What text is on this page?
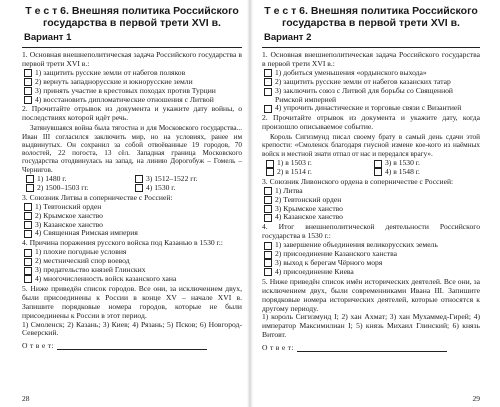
Т е с т 6. Внешняя политика Российского государства в первой трети XVI в.
Вариант 1
1. Основная внешнеполитическая задача Российского государства в первой трети XVI в.:
1) защитить русские земли от набегов поляков
2) вернуть западнорусские и юкнорусские земли
3) принять участие в крестовых походах против Турции
4) восстановить дипломатические отношения с Литвой
2. Прочитайте отрывок из документа и укажите дату войны, о последствиях которой идёт речь.
Затянувшаяся война была тягостна и для Московского государства... Иван III согласился заключить мир, но на условиях, ранее им выдвинутых. Он сохранил за собой отвоёванные 19 городов, 70 волостей, 22 погоста, 13 сёл. Западная граница Московского государства отодвинулась на запад, на линию Дорогобуж – Гомель – Чернигов.
1) 1480 г.	3) 1512–1522 гг.
2) 1500–1503 гг.	4) 1530 г.
3. Союзник Литвы в соперничестве с Россией:
1) Тевтонский орден
2) Крымское ханство
3) Казанское ханство
4) Священная Римская империя
4. Причина поражения русского войска под Казанью в 1530 г.:
1) плохие погодные условия
2) местнический спор воевод
3) предательство князей Глинских
4) многочисленность войск казанского хана
5. Ниже приведён список городов. Все они, за исключением двух, были присоединены к России в конце XV – начале XVI в. Запишите порядковые номера городов, которые не были присоединены к России в этот период.
1) Смоленск; 2) Казань; 3) Киев; 4) Рязань; 5) Псков; 6) Новгород-Северский.
О т в е т:
28
Т е с т 6. Внешняя политика Российского государства в первой трети XVI в.
Вариант 2
1. Основная внешнеполитическая задача Российского государства в первой трети XVI в.:
1) добиться уменьшения «ордынского выхода»
2) защитить русские земли от набегов казанских татар
3) заключить союз с Литвой для борьбы со Священной Римской империей
4) упрочить династические и торговые связи с Византией
2. Прочитайте отрывок из документа и укажите дату, когда произошло описываемое событие.
Король Сигизмунд писал своему брату в самый день сдачи этой крепости: «Смоленск благодаря гнусной измене кое-кого из наёмных войск и местной знати отпал от нас и передался врагу».
1) в 1503 г.	3) в 1530 г.
2) в 1514 г.	4) в 1548 г.
3. Союзник Ливонского ордена в соперничестве с Россией:
1) Литва
2) Тевтонский орден
3) Крымское ханство
4) Казанское ханство
4. Итог внешнеполитической деятельности Российского государства в 1530 г.:
1) завершение объединения великорусских земель
2) присоединение Казанского ханства
3) выход к берегам Чёрного моря
4) присоединение Киева
5. Ниже приведён список имён исторических деятелей. Все они, за исключением двух, были современниками Ивана III. Запишите порядковые номера исторических деятелей, которые относятся к другому периоду.
1) король Сигизмунд I; 2) хан Ахмат; 3) хан Мухаммед-Гирей; 4) император Максимилиан I; 5) князь Михаил Глинский; 6) князь Витовт.
О т в е т:
29
